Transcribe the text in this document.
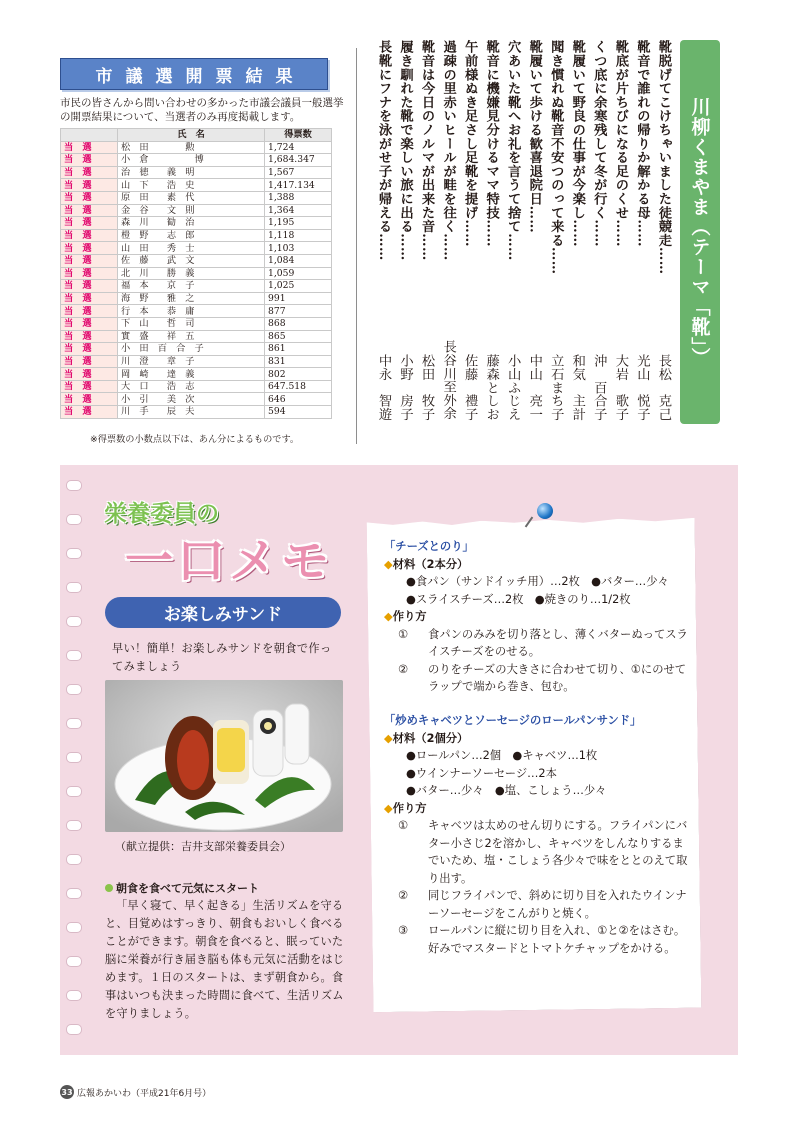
市議選開票結果
市民の皆さんから問い合わせの多かった市議会議員一般選挙の開票結果について、当選者のみ再度掲載します。
	氏　名	得票数
当　選	松　田　　　　勲	1,724
当　選	小　倉　　　　　博	1,684.347
当　選	治　徳　　義　明	1,567
当　選	山　下　　浩　史	1,417.134
当　選	原　田　　素　代	1,388
当　選	金　谷　　文　則	1,364
当　選	森　川　　勧　治	1,195
当　選	榿　野　　志　郎	1,118
当　選	山　田　　秀　士	1,103
当　選	佐　藤　　武　文	1,084
当　選	北　川　　勝　義	1,059
当　選	福　本　　京　子	1,025
当　選	海　野　　雅　之	991
当　選	行　本　　恭　庸	877
当　選	下　山　　哲　司	868
当　選	實　盛　　祥　五	865
当　選	小　田　百　合　子	861
当　選	川　澄　　章　子	831
当　選	岡　崎　　達　義	802
当　選	大　口　　浩　志	647.518
当　選	小　引　　美　次	646
当　選	川　手　　辰　夫	594
※得票数の小数点以下は、あん分によるものです。
川柳くまやま（テーマ「靴」）
靴脱げてこけちゃいました徒競走……
長松　克己
靴音で誰れの帰りか解かる母……
光山　悦子
靴底が片ちびになる足のくせ……
大岩　歌子
くつ底に余寒残して冬が行く……
沖　百合子
靴履いて野良の仕事が今楽し……
和気　主計
聞き慣れぬ靴音不安つのって来る……
立石まち子
靴履いて歩ける歓喜退院日……
中山　亮一
穴あいた靴へお礼を言うて捨て……
小山ふじえ
靴音に機嫌見分けるママ特技……
藤森としお
午前様ぬき足さし足靴を提げ……
佐藤　禮子
過疎の里赤いヒールが畦を往く……
長谷川至外余
靴音は今日のノルマが出来た音……
松田　牧子
履き馴れた靴で楽しい旅に出る……
小野　房子
長靴にフナを泳がせ子が帰える……
中永　智遊
栄養委員の
一口メモ
お楽しみサンド
早い！簡単！お楽しみサンドを朝食で作ってみましょう
（献立提供：吉井支部栄養委員会）
朝食を食べて元気にスタート
「早く寝て、早く起きる」生活リズムを守ると、目覚めはすっきり、朝食もおいしく食べることができます。朝食を食べると、眠っていた脳に栄養が行き届き脳も体も元気に活動をはじめます。１日のスタートは、まず朝食から。食事はいつも決まった時間に食べて、生活リズムを守りましょう。
「チーズとのり」
◆材料（2本分）
●食パン（サンドイッチ用）…2枚　●バター…少々
●スライスチーズ…2枚　●焼きのり…1/2枚
◆作り方
①	食パンのみみを切り落とし、薄くバターぬってスライスチーズをのせる。
②	のりをチーズの大きさに合わせて切り、①にのせてラップで端から巻き、包む。
「炒めキャベツとソーセージのロールパンサンド」
◆材料（2個分）
●ロールパン…2個　●キャベツ…1枚
●ウインナーソーセージ…2本
●バター…少々　●塩、こしょう…少々
◆作り方
①	キャベツは太めのせん切りにする。フライパンにバター小さじ2を溶かし、キャベツをしんなりするまでいため、塩・こしょう各少々で味をととのえて取り出す。
②	同じフライパンで、斜めに切り目を入れたウインナーソーセージをこんがりと焼く。
③	ロールパンに縦に切り目を入れ、①と②をはさむ。好みでマスタードとトマトケチャップをかける。
33 広報あかいわ（平成21年6月号）
